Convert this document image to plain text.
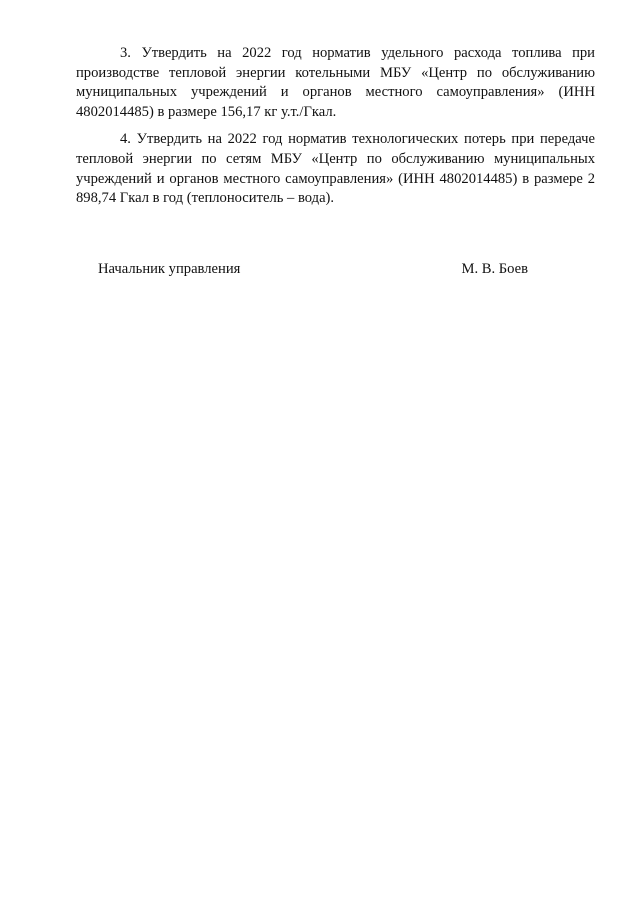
3. Утвердить на 2022 год норматив удельного расхода топлива при производстве тепловой энергии котельными МБУ «Центр по обслуживанию муниципальных учреждений и органов местного самоуправления» (ИНН 4802014485) в размере 156,17 кг у.т./Гкал.

4. Утвердить на 2022 год норматив технологических потерь при передаче тепловой энергии по сетям МБУ «Центр по обслуживанию муниципальных учреждений и органов местного самоуправления» (ИНН 4802014485) в размере 2 898,74 Гкал в год (теплоноситель – вода).

Начальник управления	М. В. Боев
